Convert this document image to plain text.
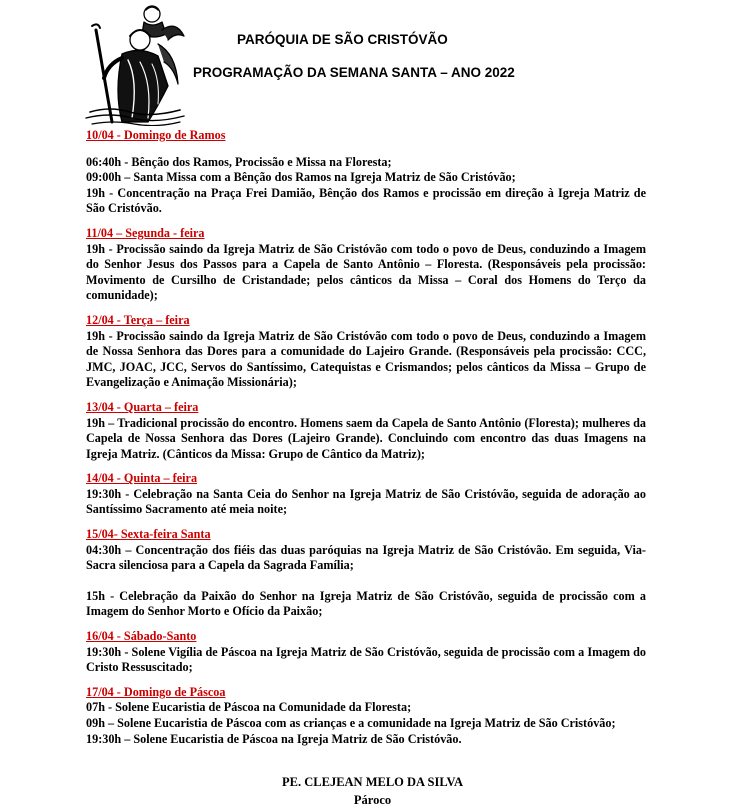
PARÓQUIA DE SÃO CRISTÓVÃO
PROGRAMAÇÃO DA SEMANA SANTA – ANO 2022
10/04 - Domingo de Ramos
06:40h - Bênção dos Ramos, Procissão e Missa na Floresta;
09:00h – Santa Missa com a Bênção dos Ramos na Igreja Matriz de São Cristóvão;
19h - Concentração na Praça Frei Damião, Bênção dos Ramos e procissão em direção à Igreja Matriz de São Cristóvão.
11/04 – Segunda - feira
19h - Procissão saindo da Igreja Matriz de São Cristóvão com todo o povo de Deus, conduzindo a Imagem do Senhor Jesus dos Passos para a Capela de Santo Antônio – Floresta. (Responsáveis pela procissão: Movimento de Cursilho de Cristandade; pelos cânticos da Missa – Coral dos Homens do Terço da comunidade);
12/04 - Terça – feira
19h - Procissão saindo da Igreja Matriz de São Cristóvão com todo o povo de Deus, conduzindo a Imagem de Nossa Senhora das Dores para a comunidade do Lajeiro Grande. (Responsáveis pela procissão: CCC, JMC, JOAC, JCC, Servos do Santíssimo, Catequistas e Crismandos; pelos cânticos da Missa – Grupo de Evangelização e Animação Missionária);
13/04 - Quarta – feira
19h – Tradicional procissão do encontro. Homens saem da Capela de Santo Antônio (Floresta); mulheres da Capela de Nossa Senhora das Dores (Lajeiro Grande). Concluindo com encontro das duas Imagens na Igreja Matriz. (Cânticos da Missa: Grupo de Cântico da Matriz);
14/04 - Quinta – feira
19:30h - Celebração na Santa Ceia do Senhor na Igreja Matriz de São Cristóvão, seguida de adoração ao Santíssimo Sacramento até meia noite;
15/04- Sexta-feira Santa
04:30h – Concentração dos fiéis das duas paróquias na Igreja Matriz de São Cristóvão. Em seguida, Via-Sacra silenciosa para a Capela da Sagrada Família;
15h - Celebração da Paixão do Senhor na Igreja Matriz de São Cristóvão, seguida de procissão com a Imagem do Senhor Morto e Ofício da Paixão;
16/04 - Sábado-Santo
19:30h - Solene Vigília de Páscoa na Igreja Matriz de São Cristóvão, seguida de procissão com a Imagem do Cristo Ressuscitado;
17/04 - Domingo de Páscoa
07h - Solene Eucaristia de Páscoa na Comunidade da Floresta;
09h – Solene Eucaristia de Páscoa com as crianças e a comunidade na Igreja Matriz de São Cristóvão;
19:30h – Solene Eucaristia de Páscoa na Igreja Matriz de São Cristóvão.
PE. CLEJEAN MELO DA SILVA
Pároco
